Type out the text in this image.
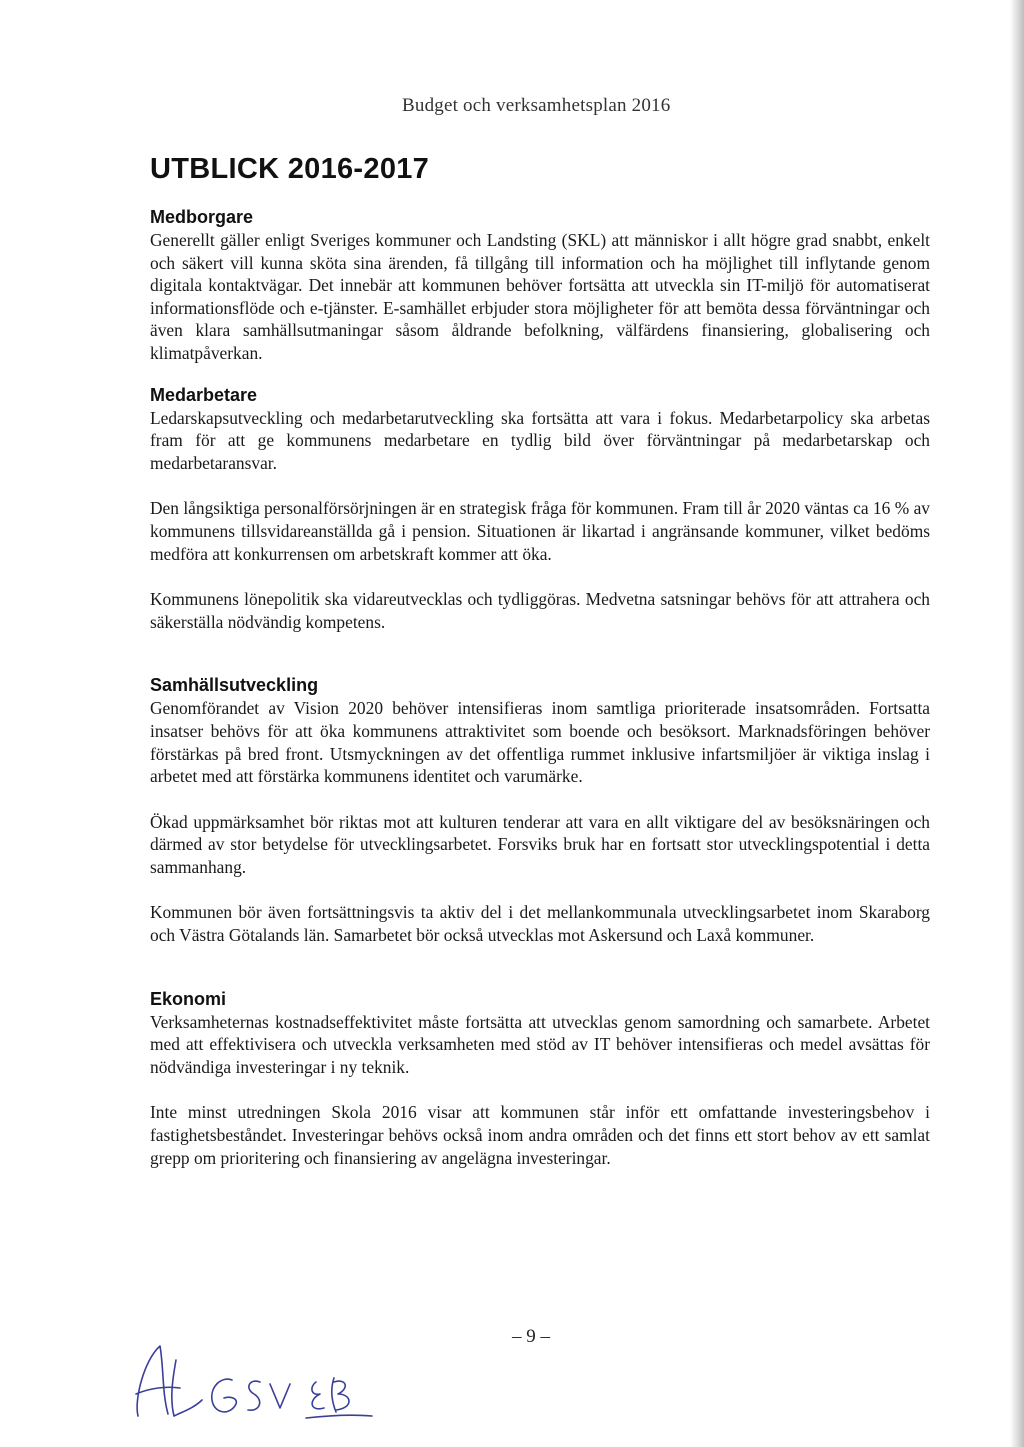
Budget och verksamhetsplan 2016
UTBLICK 2016-2017
Medborgare

Generellt gäller enligt Sveriges kommuner och Landsting (SKL) att människor i allt högre grad snabbt, enkelt och säkert vill kunna sköta sina ärenden, få tillgång till information och ha möjlighet till inflytande genom digitala kontaktvägar. Det innebär att kommunen behöver fortsätta att utveckla sin IT-miljö för automatiserat informationsflöde och e-tjänster. E-samhället erbjuder stora möjligheter för att bemöta dessa förväntningar och även klara samhällsutmaningar såsom åldrande befolkning, välfärdens finansiering, globalisering och klimatpåverkan.

Medarbetare

Ledarskapsutveckling och medarbetarutveckling ska fortsätta att vara i fokus. Medarbetarpolicy ska arbetas fram för att ge kommunens medarbetare en tydlig bild över förväntningar på medarbetarskap och medarbetaransvar.

Den långsiktiga personalförsörjningen är en strategisk fråga för kommunen. Fram till år 2020 väntas ca 16 % av kommunens tillsvidareanställda gå i pension. Situationen är likartad i angränsande kommuner, vilket bedöms medföra att konkurrensen om arbetskraft kommer att öka.

Kommunens lönepolitik ska vidareutvecklas och tydliggöras. Medvetna satsningar behövs för att attrahera och säkerställa nödvändig kompetens.

Samhällsutveckling

Genomförandet av Vision 2020 behöver intensifieras inom samtliga prioriterade insatsområden. Fortsatta insatser behövs för att öka kommunens attraktivitet som boende och besöksort. Marknadsföringen behöver förstärkas på bred front. Utsmyckningen av det offentliga rummet inklusive infartsmiljöer är viktiga inslag i arbetet med att förstärka kommunens identitet och varumärke.

Ökad uppmärksamhet bör riktas mot att kulturen tenderar att vara en allt viktigare del av besöksnäringen och därmed av stor betydelse för utvecklingsarbetet. Forsviks bruk har en fortsatt stor utvecklingspotential i detta sammanhang.

Kommunen bör även fortsättningsvis ta aktiv del i det mellankommunala utvecklingsarbetet inom Skaraborg och Västra Götalands län. Samarbetet bör också utvecklas mot Askersund och Laxå kommuner.

Ekonomi

Verksamheternas kostnadseffektivitet måste fortsätta att utvecklas genom samordning och samarbete. Arbetet med att effektivisera och utveckla verksamheten med stöd av IT behöver intensifieras och medel avsättas för nödvändiga investeringar i ny teknik.

Inte minst utredningen Skola 2016 visar att kommunen står inför ett omfattande investeringsbehov i fastighetsbeståndet. Investeringar behövs också inom andra områden och det finns ett stort behov av ett samlat grepp om prioritering och finansiering av angelägna investeringar.

– 9 –
